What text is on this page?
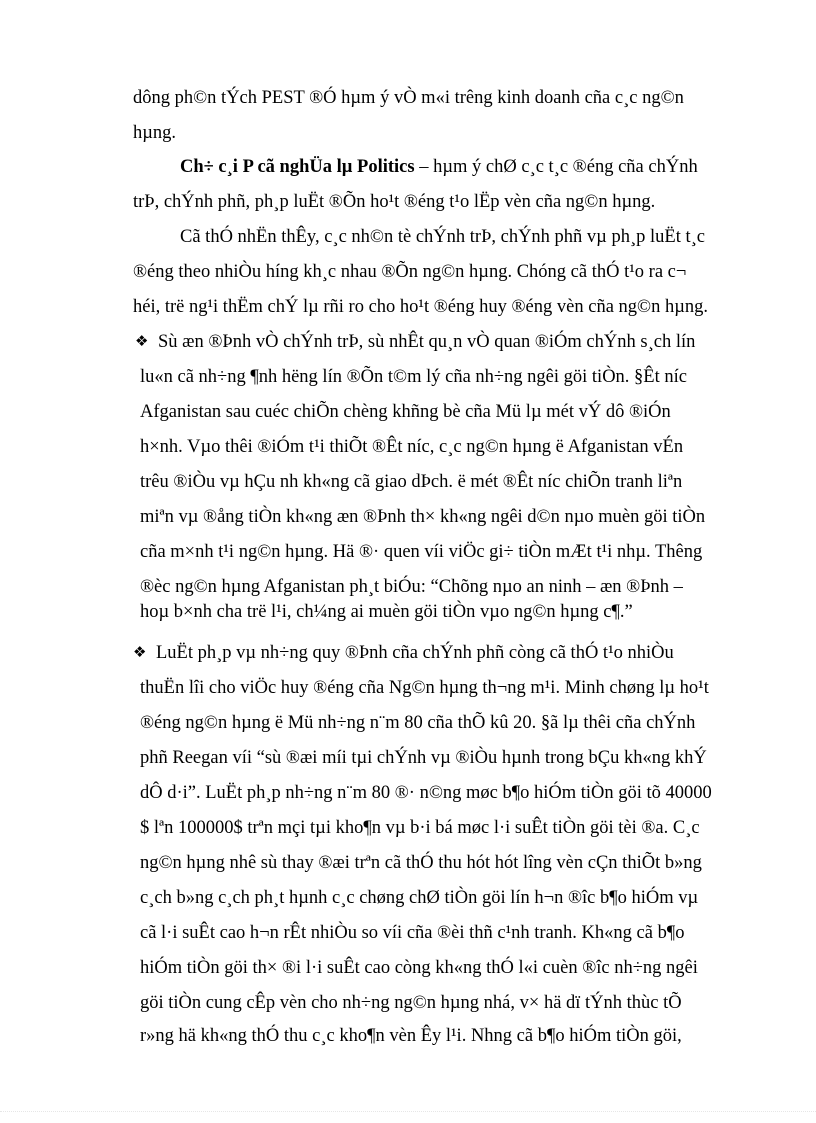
dông ph©n tÝch PEST ®Ó hµm ý vÒ m«i trêng kinh doanh cña c¸c ng©n
hµng.
Ch÷ c¸i P cã nghÜa lµ Politics – hµm ý chØ c¸c t¸c ®éng cña chÝnh
trÞ, chÝnh phñ, ph¸p luËt ®Õn ho¹t ®éng t¹o lËp vèn cña ng©n hµng.
Cã thÓ nhËn thÊy, c¸c nh©n tè chÝnh trÞ, chÝnh phñ vµ ph¸p luËt t¸c
®éng theo nhiÒu híng kh¸c nhau ®Õn ng©n hµng. Chóng cã thÓ t¹o ra c¬
héi, trë ng¹i thËm chÝ lµ rñi ro cho ho¹t ®éng huy ®éng vèn cña ng©n hµng.
❖ Sù æn ®Þnh vÒ chÝnh trÞ, sù nhÊt qu¸n vÒ quan ®iÓm chÝnh s¸ch lín
lu«n cã nh÷ng ¶nh hëng lín ®Õn t©m lý cña nh÷ng ngêi göi tiÒn. §Êt níc
Afganistan sau cuéc chiÕn chèng khñng bè cña Mü lµ mét vÝ dô ®iÓn
h×nh. Vµo thêi ®iÓm t¹i thiÕt ®Êt níc, c¸c ng©n hµng ë Afganistan vÉn
trêu ®iÒu vµ hÇu nh kh«ng cã giao dÞch. ë mét ®Êt níc chiÕn tranh liªn
miªn vµ ®ång tiÒn kh«ng æn ®Þnh th× kh«ng ngêi d©n nµo muèn göi tiÒn
cña m×nh t¹i ng©n hµng. Hä ®· quen víi viÖc gi÷ tiÒn mÆt t¹i nhµ. Thêng
®èc ng©n hµng Afganistan ph¸t biÓu: “Chõng nµo an ninh – æn ®Þnh –
hoµ b×nh cha trë l¹i, ch¼ng ai muèn göi tiÒn vµo ng©n hµng c¶.”
❖ LuËt ph¸p vµ nh÷ng quy ®Þnh cña chÝnh phñ còng cã thÓ t¹o nhiÒu
thuËn lîi cho viÖc huy ®éng cña Ng©n hµng th¬ng m¹i. Minh chøng lµ ho¹t
®éng ng©n hµng ë Mü nh÷ng n¨m 80 cña thÕ kû 20. §ã lµ thêi cña chÝnh
phñ Reegan víi “sù ®æi míi tµi chÝnh vµ ®iÒu hµnh trong bÇu kh«ng khÝ
dÔ d·i”. LuËt ph¸p nh÷ng n¨m 80 ®· n©ng møc b¶o hiÓm tiÒn göi tõ 40000
$ lªn 100000$ trªn mçi tµi kho¶n vµ b·i bá møc l·i suÊt tiÒn göi tèi ®a. C¸c
ng©n hµng nhê sù thay ®æi trªn cã thÓ thu hót hót lîng vèn cÇn thiÕt b»ng
c¸ch b»ng c¸ch ph¸t hµnh c¸c chøng chØ tiÒn göi lín h¬n ®îc b¶o hiÓm vµ
cã l·i suÊt cao h¬n rÊt nhiÒu so víi cña ®èi thñ c¹nh tranh. Kh«ng cã b¶o
hiÓm tiÒn göi th× ®i l·i suÊt cao còng kh«ng thÓ l«i cuèn ®îc nh÷ng ngêi
göi tiÒn cung cÊp vèn cho nh÷ng ng©n hµng nhá, v× hä dï tÝnh thùc tÕ
r»ng hä kh«ng thÓ thu c¸c kho¶n vèn Êy l¹i. Nhng cã b¶o hiÓm tiÒn göi,
